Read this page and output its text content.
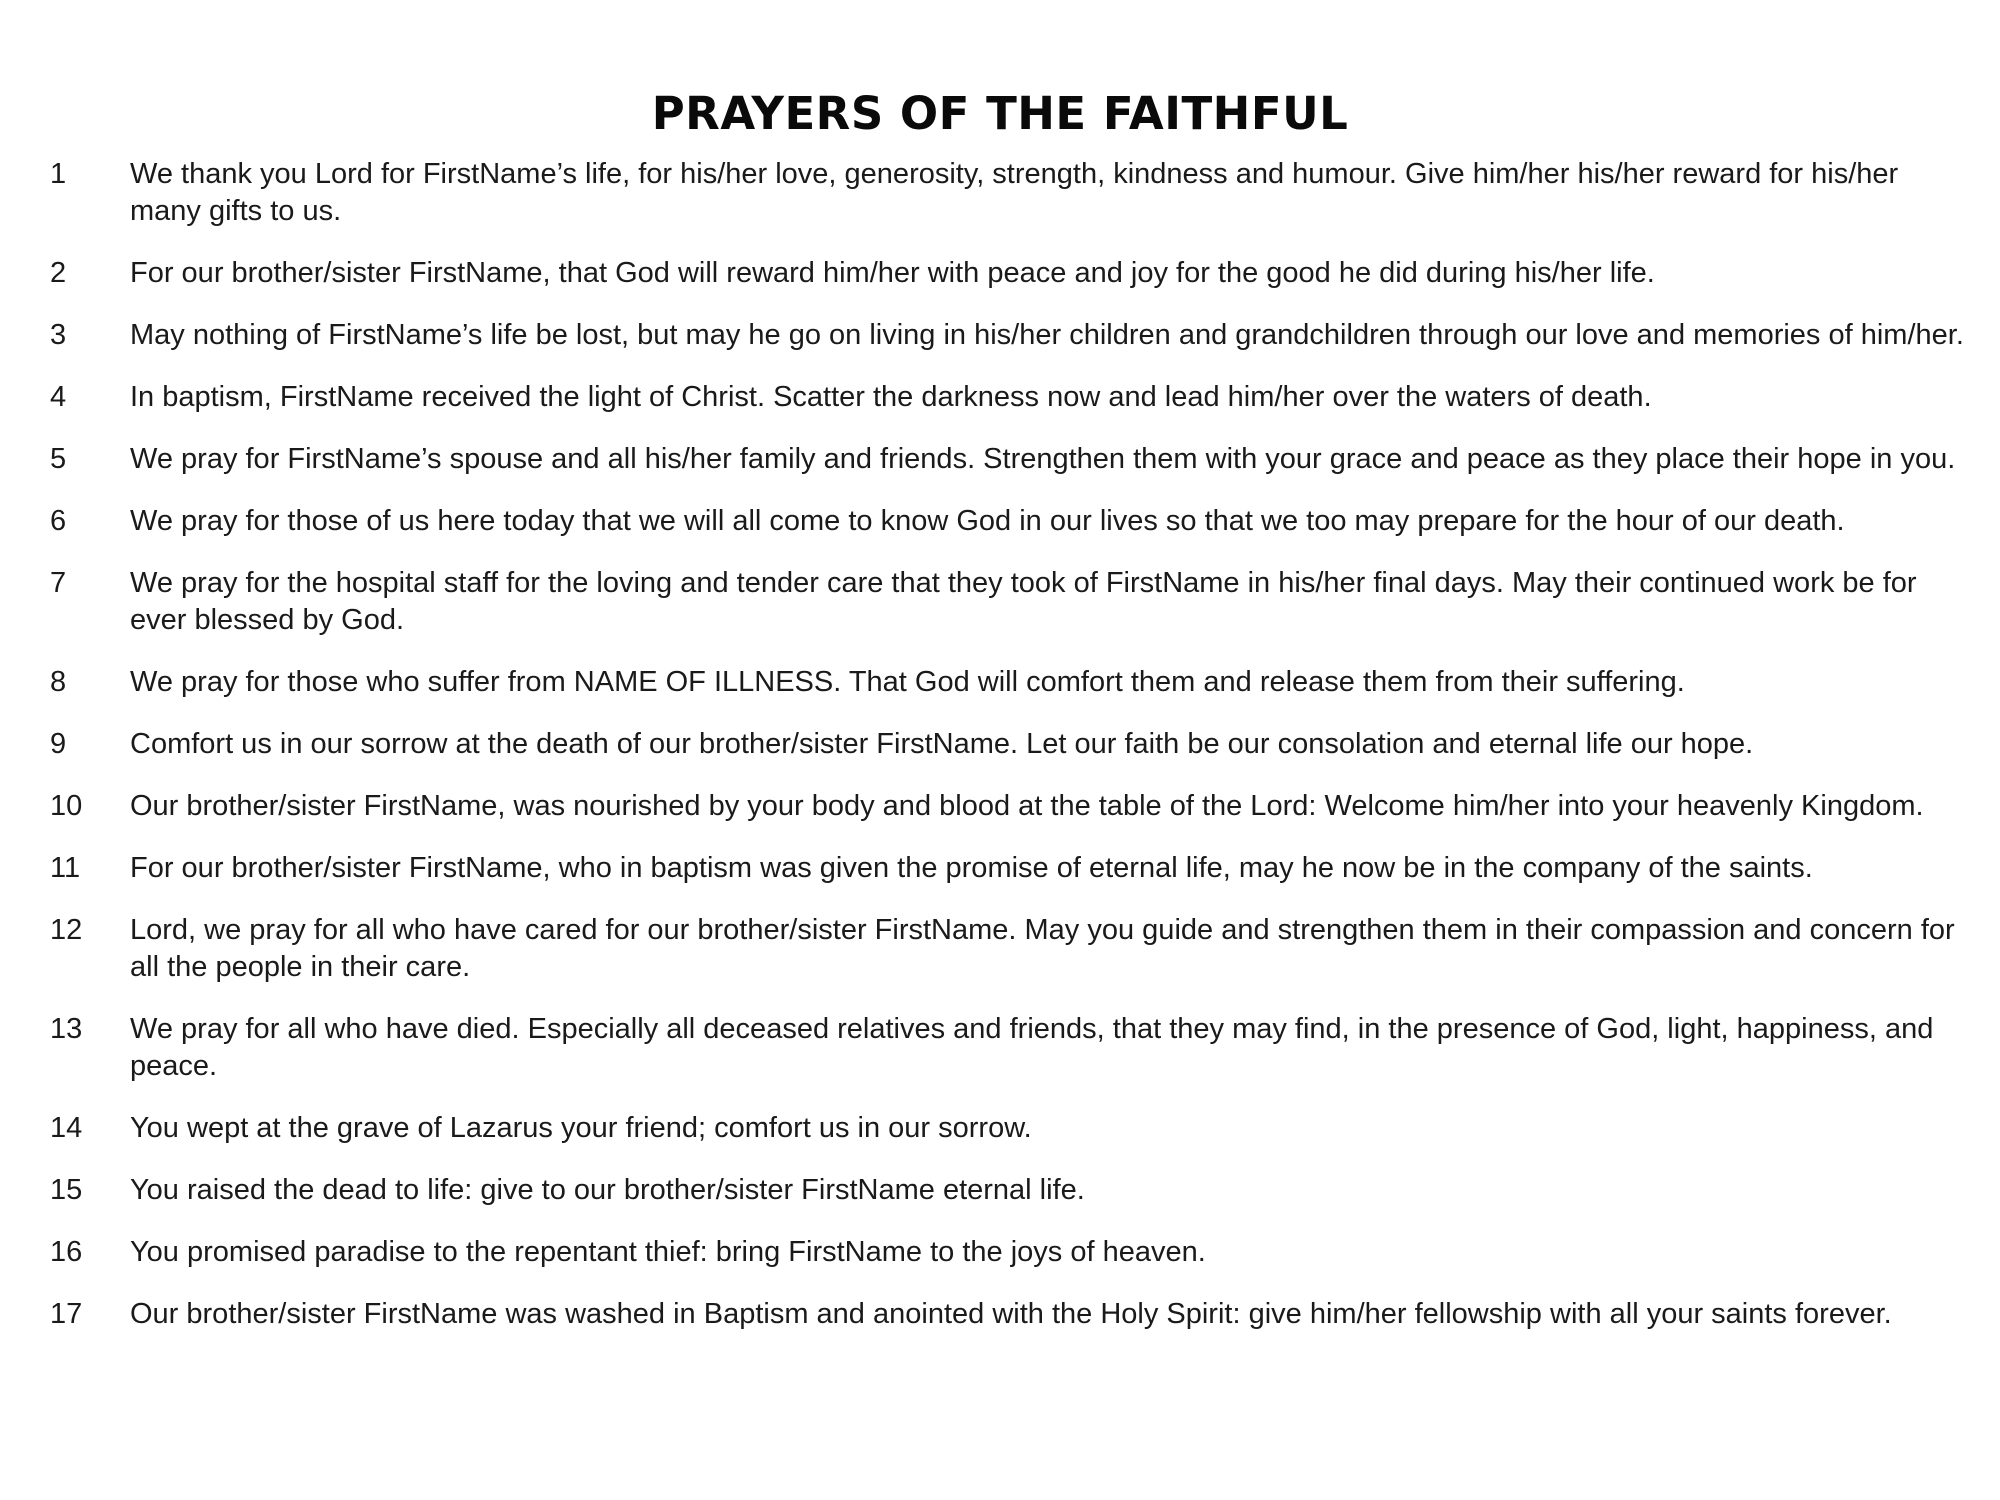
PRAYERS OF THE FAITHFUL
1	We thank you Lord for FirstName’s life, for his/her love, generosity, strength, kindness and humour. Give him/her his/her reward for his/her many gifts to us.
2	For our brother/sister FirstName, that God will reward him/her with peace and joy for the good he did during his/her life.
3	May nothing of FirstName’s life be lost, but may he go on living in his/her children and grandchildren through our love and memories of him/her.
4	In baptism, FirstName received the light of Christ. Scatter the darkness now and lead him/her over the waters of death.
5	We pray for FirstName’s spouse and all his/her family and friends. Strengthen them with your grace and peace as they place their hope in you.
6	We pray for those of us here today that we will all come to know God in our lives so that we too may prepare for the hour of our death.
7	We pray for the hospital staff for the loving and tender care that they took of FirstName in his/her final days. May their continued work be for ever blessed by God.
8	We pray for those who suffer from NAME OF ILLNESS. That God will comfort them and release them from their suffering.
9	Comfort us in our sorrow at the death of our brother/sister FirstName. Let our faith be our consolation and eternal life our hope.
10	Our brother/sister FirstName, was nourished by your body and blood at the table of the Lord: Welcome him/her into your heavenly Kingdom.
11	For our brother/sister FirstName, who in baptism was given the promise of eternal life, may he now be in the company of the saints.
12	Lord, we pray for all who have cared for our brother/sister FirstName. May you guide and strengthen them in their compassion and concern for all the people in their care.
13	We pray for all who have died. Especially all deceased relatives and friends, that they may find, in the presence of God, light, happiness, and peace.
14	You wept at the grave of Lazarus your friend; comfort us in our sorrow.
15	You raised the dead to life: give to our brother/sister FirstName eternal life.
16	You promised paradise to the repentant thief: bring FirstName to the joys of heaven.
17	Our brother/sister FirstName was washed in Baptism and anointed with the Holy Spirit: give him/her fellowship with all your saints forever.
